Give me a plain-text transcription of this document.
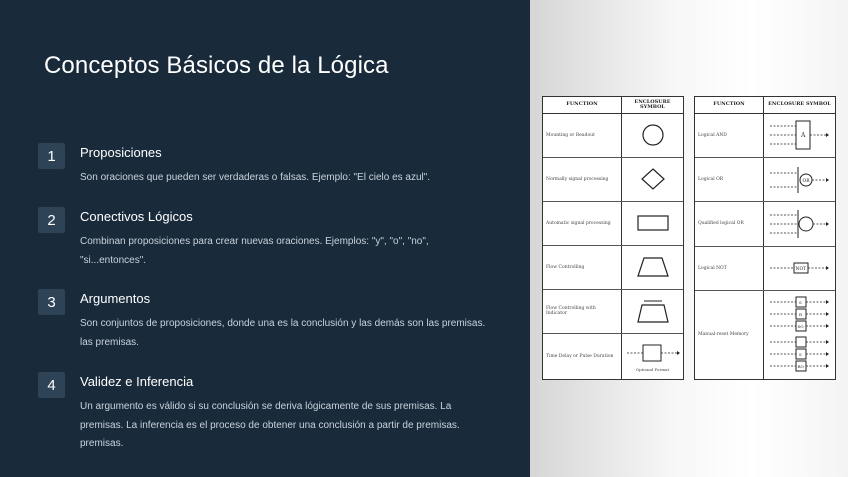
Conceptos Básicos de la Lógica
1	Proposiciones
Son oraciones que pueden ser verdaderas o falsas. Ejemplo: "El cielo es azul".
2	Conectivos Lógicos
Combinan proposiciones para crear nuevas oraciones. Ejemplos: "y", "o", "no", "si...entonces".
3	Argumentos
Son conjuntos de proposiciones, donde una es la conclusión y las demás son las premisas. las premisas.
4	Validez e Inferencia
Un argumento es válido si su conclusión se deriva lógicamente de sus premisas. La premisas. La inferencia es el proceso de obtener una conclusión a partir de premisas. premisas.
FUNCTION	ENCLOSURE SYMBOL
Mounting or Readout	

Normally signal processing	

Automatic signal processing	

Flow Controlling	

Flow Controlling with Indicator	

Time Delay or Pulse Duration	Optional Format
FUNCTION	ENCLOSURE SYMBOL
Logical AND	A

Logical OR	OR

Qualified logical OR	

Logical NOT	NOT

Manual-reset Memory	S
R
SO
S
RO
